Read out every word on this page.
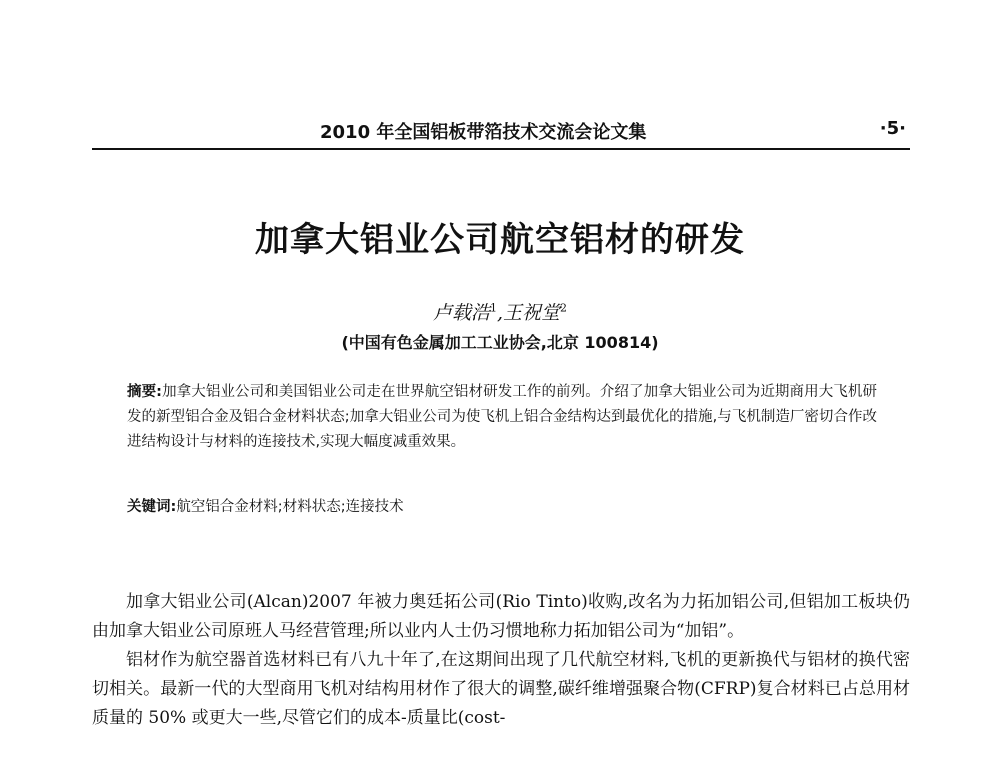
2010 年全国铝板带箔技术交流会论文集	·5·
加拿大铝业公司航空铝材的研发
卢载浩$^1$,王祝堂$^2$
(中国有色金属加工工业协会,北京 100814)
摘要:加拿大铝业公司和美国铝业公司走在世界航空铝材研发工作的前列。介绍了加拿大铝业公司为近期商用大飞机研发的新型铝合金及铝合金材料状态;加拿大铝业公司为使飞机上铝合金结构达到最优化的措施,与飞机制造厂密切合作改进结构设计与材料的连接技术,实现大幅度减重效果。
关键词:航空铝合金材料;材料状态;连接技术

加拿大铝业公司(Alcan)2007 年被力奥廷拓公司(Rio Tinto)收购,改名为力拓加铝公司,但铝加工板块仍由加拿大铝业公司原班人马经营管理;所以业内人士仍习惯地称力拓加铝公司为“加铝”。

铝材作为航空器首选材料已有八九十年了,在这期间出现了几代航空材料,飞机的更新换代与铝材的换代密切相关。最新一代的大型商用飞机对结构用材作了很大的调整,碳纤维增强聚合物(CFRP)复合材料已占总用材质量的 50% 或更大一些,尽管它们的成本-质量比(cost-
